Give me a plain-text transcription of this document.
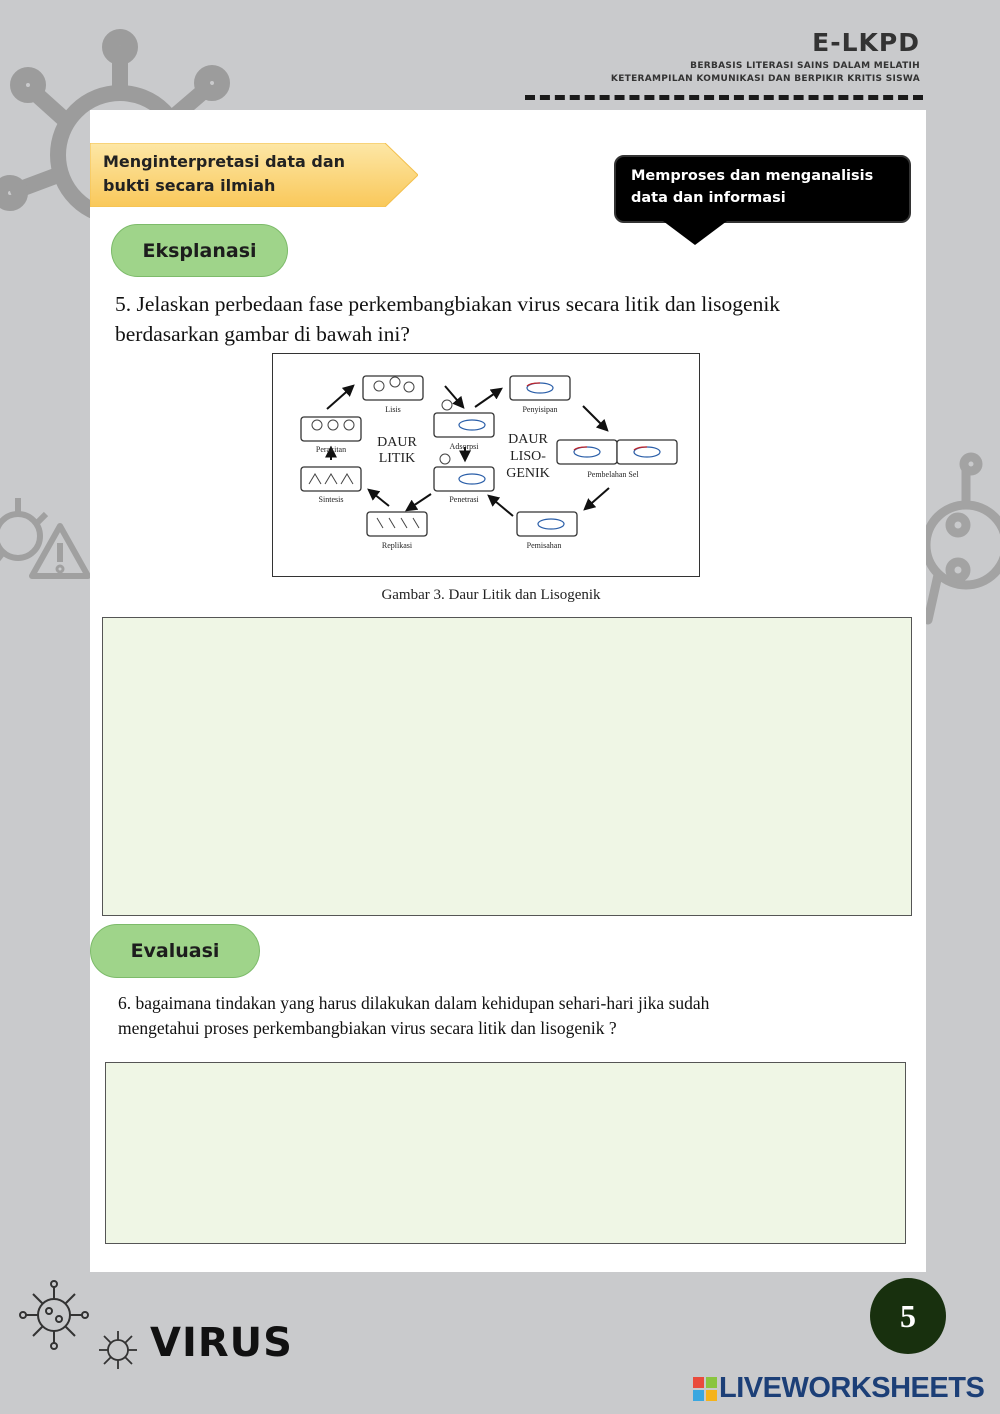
E-LKPD
BERBASIS LITERASI SAINS DALAM MELATIH
KETERAMPILAN KOMUNIKASI DAN BERPIKIR KRITIS SISWA
Menginterpretasi data dan bukti secara ilmiah	Memproses dan menganalisis data dan informasi
Eksplanasi
5. Jelaskan perbedaan fase perkembangbiakan virus secara litik dan lisogenik
berdasarkan gambar di bawah ini?
Lisis
Perakitan
Sintesis
Replikasi
Adsorpsi
Penetrasi
Penyisipan
Pembelahan Sel
Pemisahan
DAUR
LITIK
DAUR
LISO-
GENIK
Gambar 3. Daur Litik dan Lisogenik
Evaluasi
6. bagaimana tindakan yang harus dilakukan dalam kehidupan sehari-hari jika sudah
mengetahui proses perkembangbiakan virus secara litik dan lisogenik ?
VIRUS
5
LIVEWORKSHEETS
